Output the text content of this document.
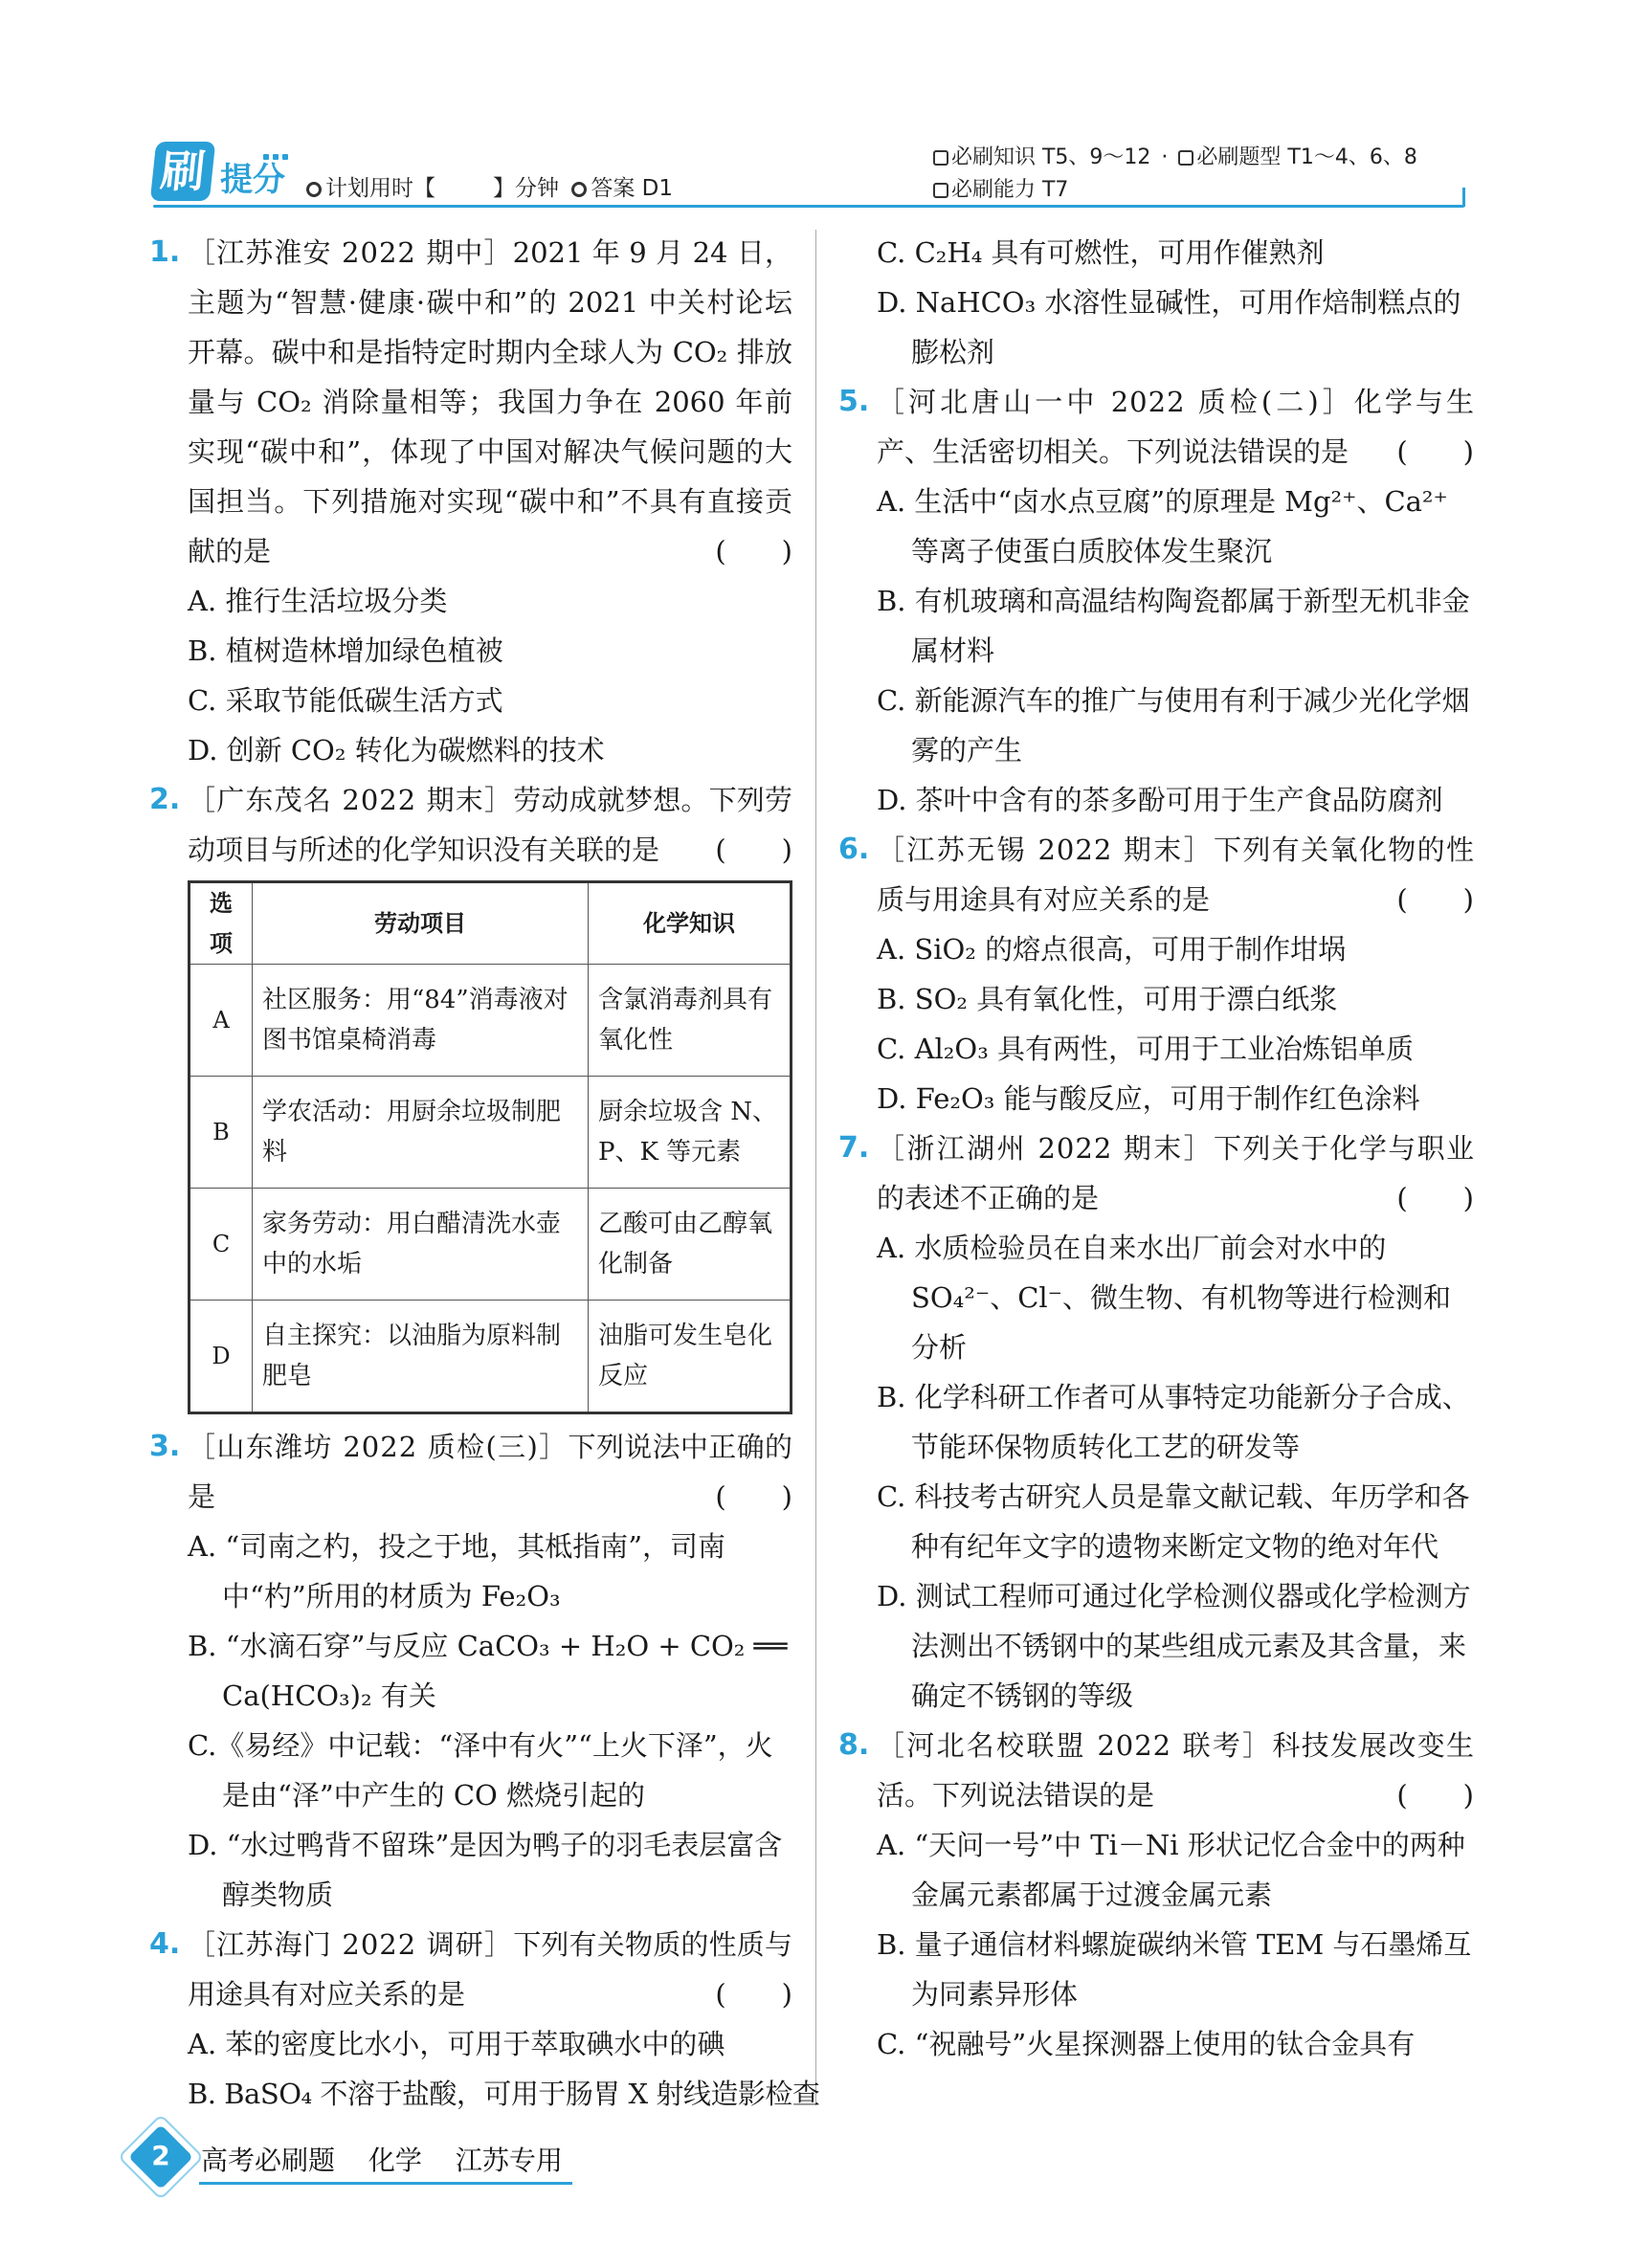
刷 提分	计划用时【	】分钟 答案 D1
必刷知识 T5、9～12 · 必刷题型 T1～4、6、8
必刷能力 T7
1. ［江苏淮安 2022 期中］2021 年 9 月 24 日，主题为“智慧·健康·碳中和”的 2021 中关村论坛开幕。碳中和是指特定时期内全球人为 CO₂ 排放量与 CO₂ 消除量相等；我国力争在 2060 年前实现“碳中和”，体现了中国对解决气候问题的大国担当。下列措施对实现“碳中和”不具有直接贡献的是	(　　)
A. 推行生活垃圾分类
B. 植树造林增加绿色植被
C. 采取节能低碳生活方式
D. 创新 CO₂ 转化为碳燃料的技术
2. ［广东茂名 2022 期末］劳动成就梦想。下列劳动项目与所述的化学知识没有关联的是 (　　)
选项	劳动项目	化学知识
A	社区服务：用“84”消毒液对图书馆桌椅消毒	含氯消毒剂具有氧化性
B	学农活动：用厨余垃圾制肥料	厨余垃圾含 N、P、K 等元素
C	家务劳动：用白醋清洗水壶中的水垢	乙酸可由乙醇氧化制备
D	自主探究：以油脂为原料制肥皂	油脂可发生皂化反应
3. ［山东潍坊 2022 质检(三)］下列说法中正确的是	(　　)
A. “司南之杓，投之于地，其柢指南”，司南中“杓”所用的材质为 Fe₂O₃
B. “水滴石穿”与反应 CaCO₃ + H₂O + CO₂ ══ Ca(HCO₃)₂ 有关
C.《易经》中记载：“泽中有火”“上火下泽”，火是由“泽”中产生的 CO 燃烧引起的
D. “水过鸭背不留珠”是因为鸭子的羽毛表层富含醇类物质
4. ［江苏海门 2022 调研］下列有关物质的性质与用途具有对应关系的是	(　　)
A. 苯的密度比水小，可用于萃取碘水中的碘
B. BaSO₄ 不溶于盐酸，可用于肠胃 X 射线造影检查
C. C₂H₄ 具有可燃性，可用作催熟剂
D. NaHCO₃ 水溶性显碱性，可用作焙制糕点的膨松剂
5. ［河北唐山一中 2022 质检(二)］化学与生产、生活密切相关。下列说法错误的是 (　　)
A. 生活中“卤水点豆腐”的原理是 Mg²⁺、Ca²⁺ 等离子使蛋白质胶体发生聚沉
B. 有机玻璃和高温结构陶瓷都属于新型无机非金属材料
C. 新能源汽车的推广与使用有利于减少光化学烟雾的产生
D. 茶叶中含有的茶多酚可用于生产食品防腐剂
6. ［江苏无锡 2022 期末］下列有关氧化物的性质与用途具有对应关系的是	(　　)
A. SiO₂ 的熔点很高，可用于制作坩埚
B. SO₂ 具有氧化性，可用于漂白纸浆
C. Al₂O₃ 具有两性，可用于工业冶炼铝单质
D. Fe₂O₃ 能与酸反应，可用于制作红色涂料
7. ［浙江湖州 2022 期末］下列关于化学与职业的表述不正确的是	(　　)
A. 水质检验员在自来水出厂前会对水中的 SO₄²⁻、Cl⁻、微生物、有机物等进行检测和分析
B. 化学科研工作者可从事特定功能新分子合成、节能环保物质转化工艺的研发等
C. 科技考古研究人员是靠文献记载、年历学和各种有纪年文字的遗物来断定文物的绝对年代
D. 测试工程师可通过化学检测仪器或化学检测方法测出不锈钢中的某些组成元素及其含量，来确定不锈钢的等级
8. ［河北名校联盟 2022 联考］科技发展改变生活。下列说法错误的是	(　　)
A. “天问一号”中 Ti－Ni 形状记忆合金中的两种金属元素都属于过渡金属元素
B. 量子通信材料螺旋碳纳米管 TEM 与石墨烯互为同素异形体
C. “祝融号”火星探测器上使用的钛合金具有
2	高考必刷题 化学 江苏专用
